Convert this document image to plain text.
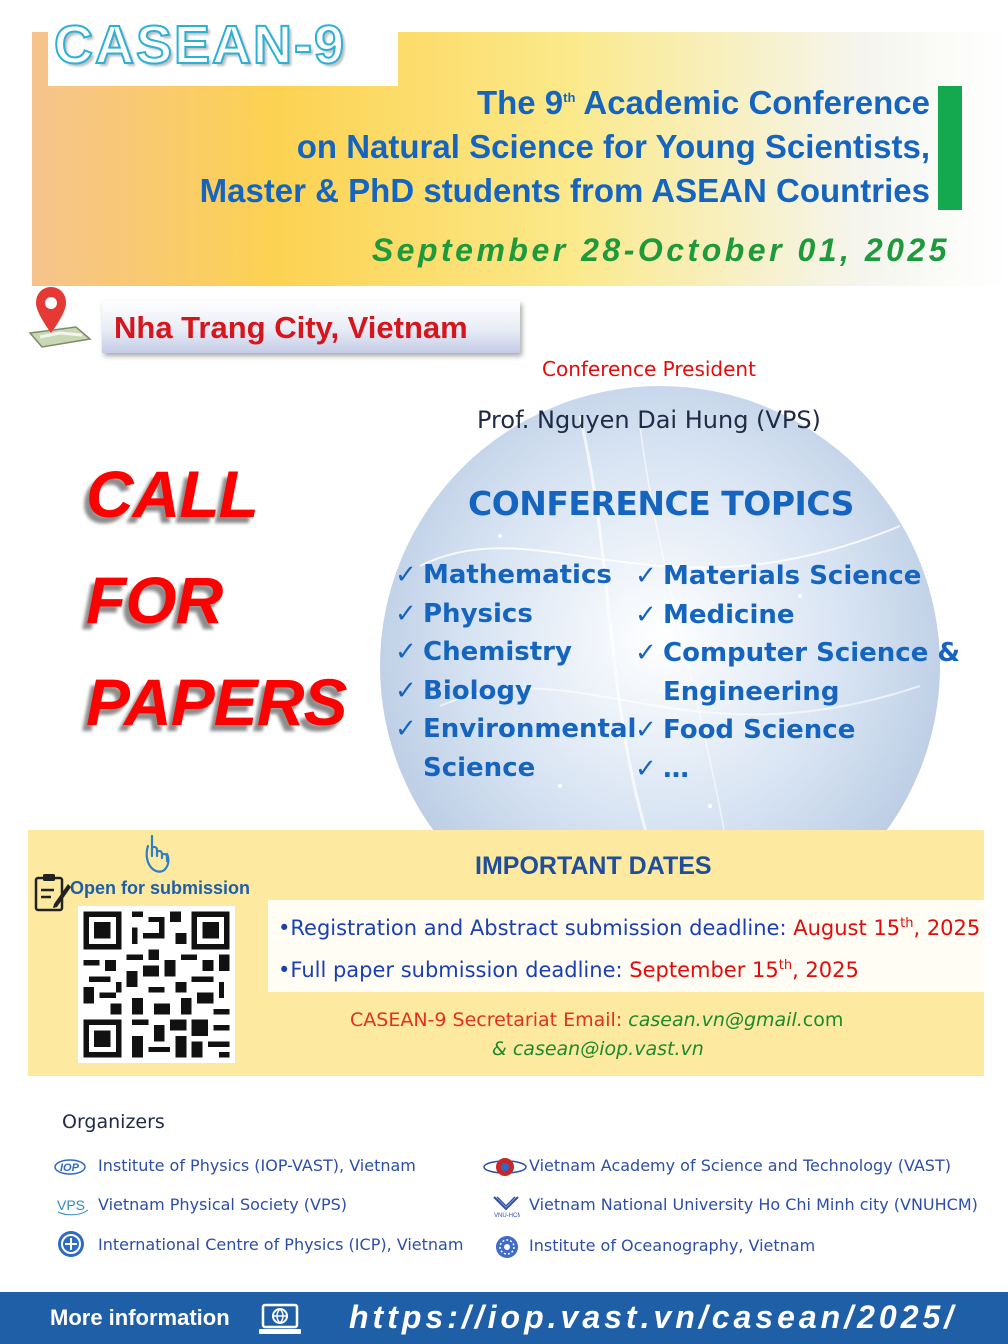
CASEAN-9
The 9th Academic Conference
on Natural Science for Young Scientists,
Master & PhD students from ASEAN Countries
September 28-October 01, 2025
Nha Trang City, Vietnam
Conference President
Prof. Nguyen Dai Hung (VPS)
CALL
FOR
PAPERS
CONFERENCE TOPICS
✓ Mathematics
✓ Physics
✓ Chemistry
✓ Biology
✓ Environmental
Science
✓ Materials Science
✓ Medicine
✓ Computer Science &
Engineering
✓ Food Science
✓ …
Open for submission
IMPORTANT DATES
•Registration and Abstract submission deadline: August 15th, 2025
•Full paper submission deadline: September 15th, 2025
CASEAN-9 Secretariat Email: casean.vn@gmail.com
& casean@iop.vast.vn
Organizers
IOP Institute of Physics (IOP-VAST), Vietnam
VPS Vietnam Physical Society (VPS)
International Centre of Physics (ICP), Vietnam
Vietnam Academy of Science and Technology (VAST)
VNU-HCM
Vietnam National University Ho Chi Minh city (VNUHCM)
Institute of Oceanography, Vietnam
More information	https://iop.vast.vn/casean/2025/
